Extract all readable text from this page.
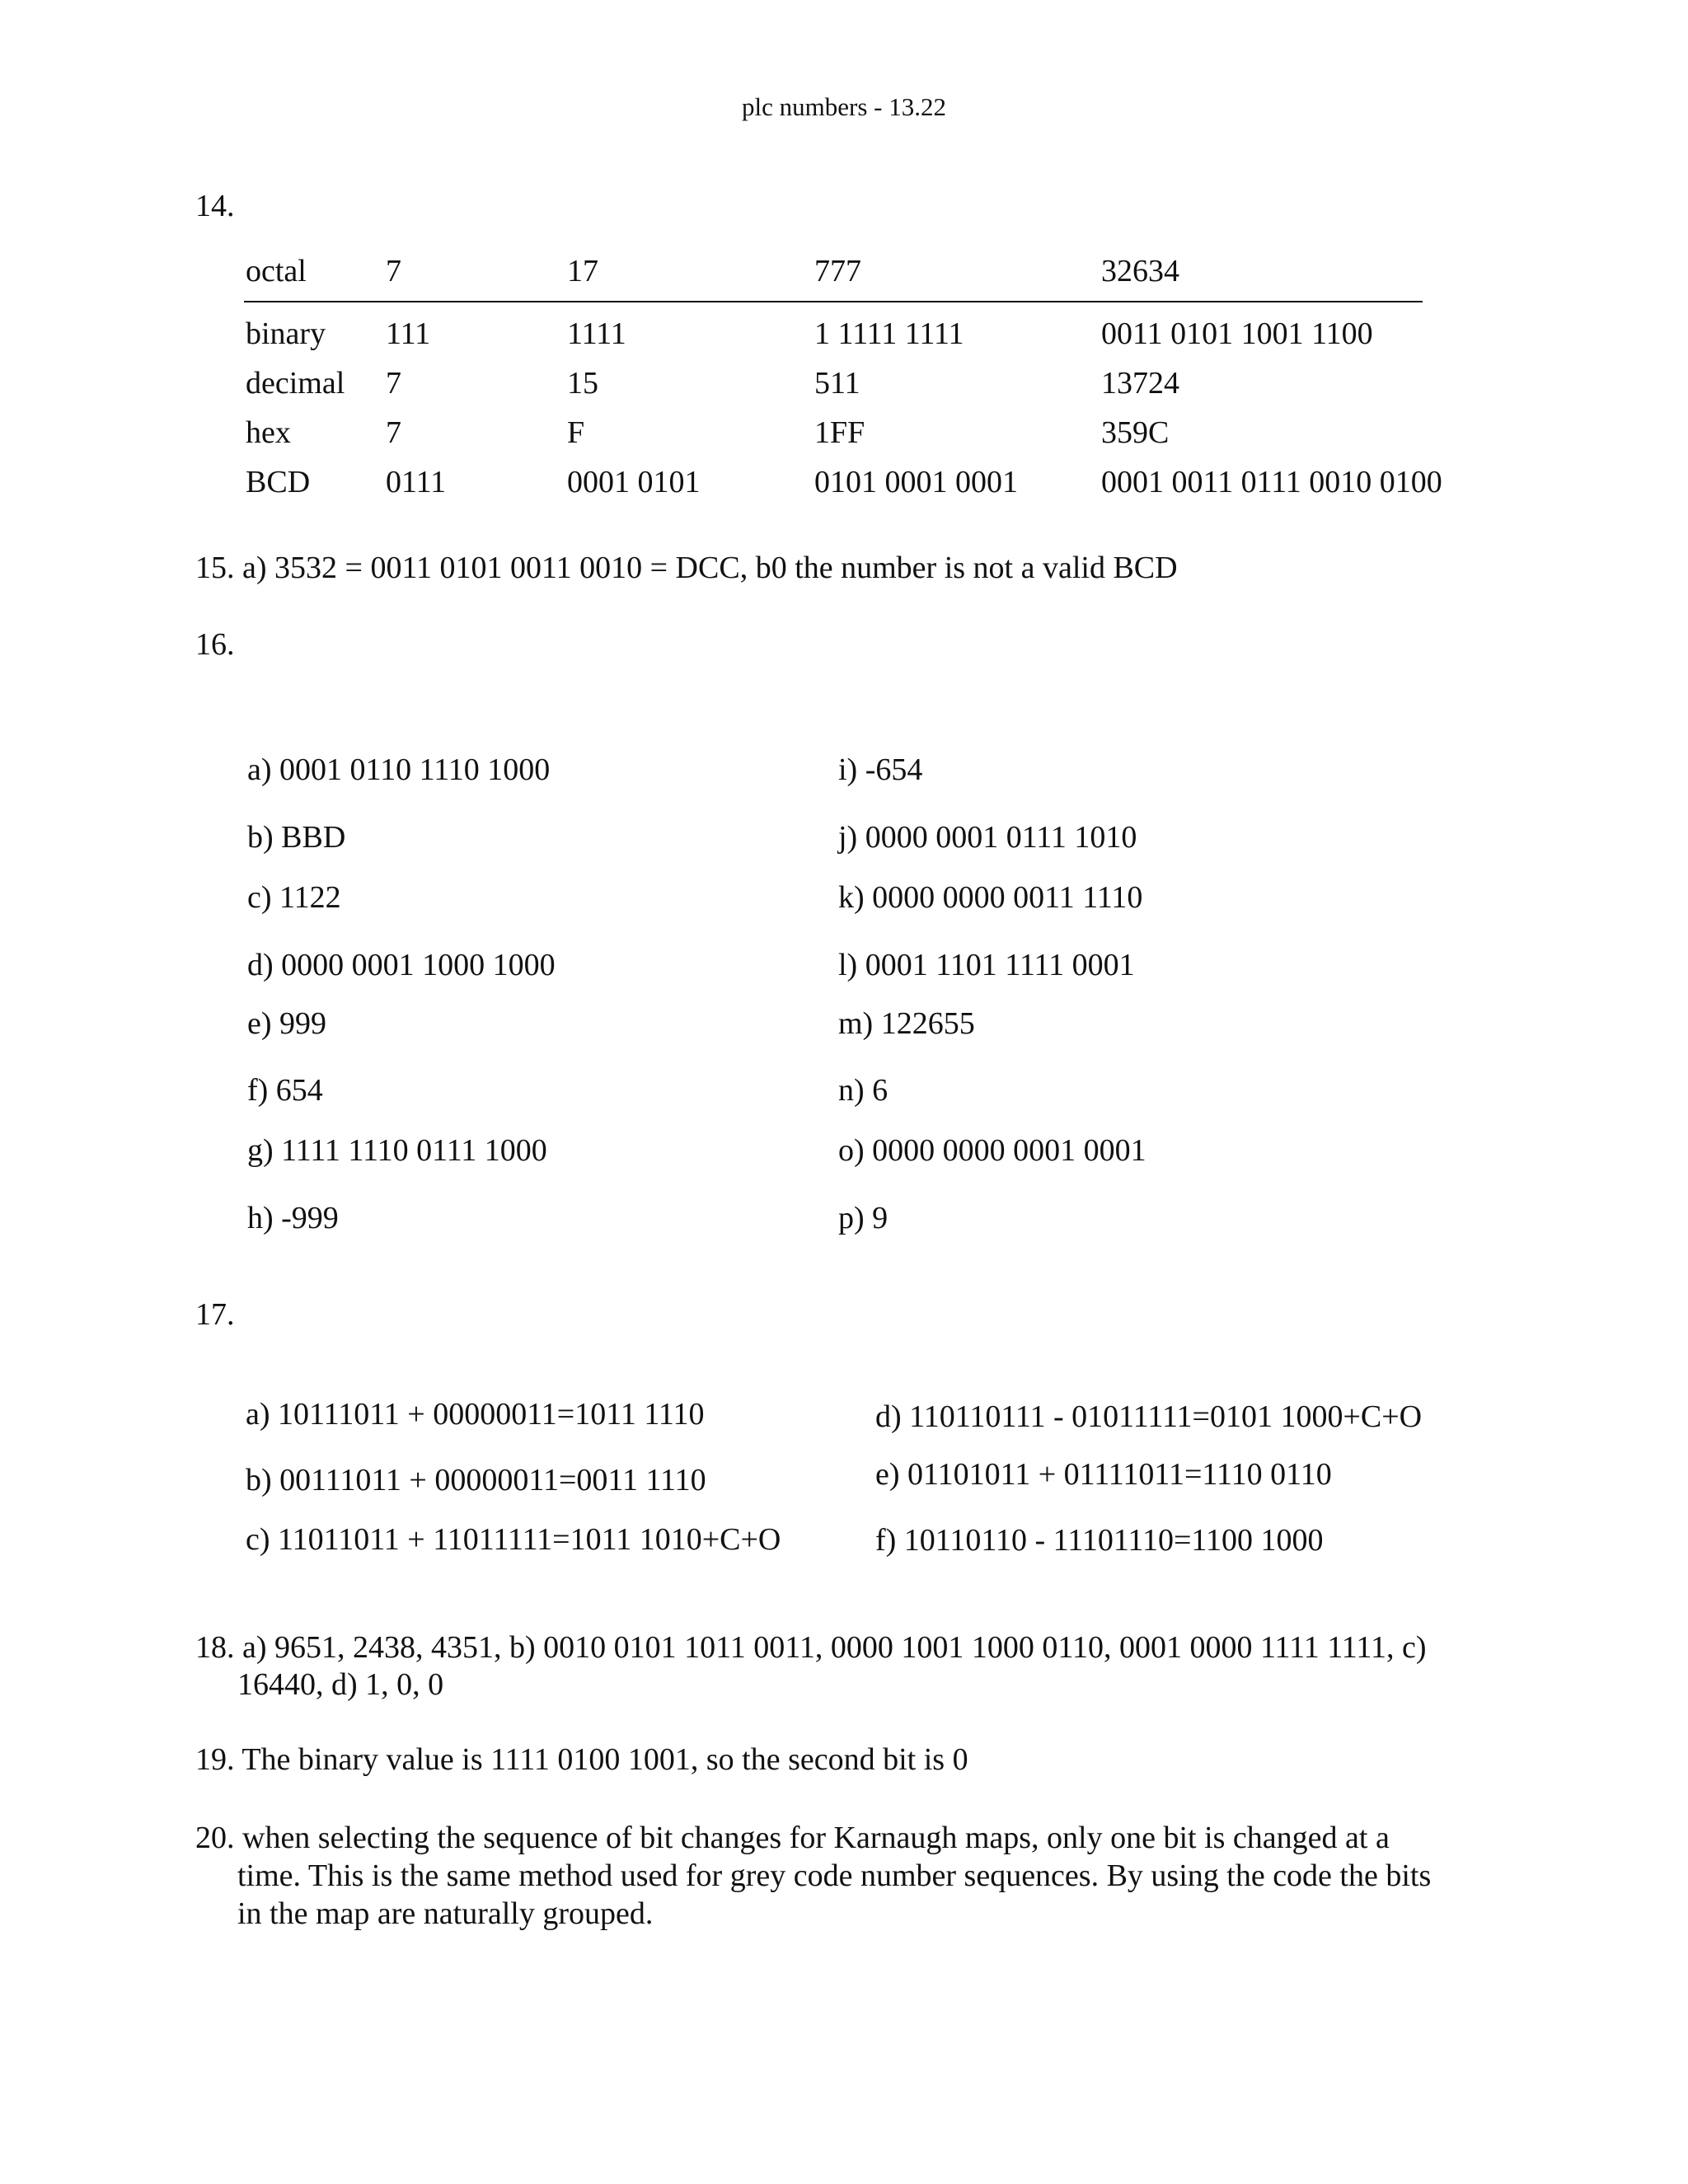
plc numbers - 13.22
14.
octal	7	17	777	32634
binary 111	1111	1 1111 1111	0011 0101 1001 1100
decimal 7	15	511	13724
hex	7	F	1FF	359C
BCD 0111	0001 0101	0101 0001 0001	0001 0011 0111 0010 0100
15. a) 3532 = 0011 0101 0011 0010 = DCC, b0 the number is not a valid BCD
16.
a) 0001 0110 1110 1000
b) BBD
c) 1122
d) 0000 0001 1000 1000
e) 999
f) 654
g) 1111 1110 0111 1000
h) -999
i) -654
j) 0000 0001 0111 1010
k) 0000 0000 0011 1110
l) 0001 1101 1111 0001
m) 122655
n) 6
o) 0000 0000 0001 0001
p) 9
17.
a) 10111011 + 00000011=1011 1110
b) 00111011 + 00000011=0011 1110
c) 11011011 + 11011111=1011 1010+C+O
d) 110110111 - 01011111=0101 1000+C+O
e) 01101011 + 01111011=1110 0110
f) 10110110 - 11101110=1100 1000
18. a) 9651, 2438, 4351, b) 0010 0101 1011 0011, 0000 1001 1000 0110, 0001 0000 1111 1111, c)
16440, d) 1, 0, 0
19. The binary value is 1111 0100 1001, so the second bit is 0
20. when selecting the sequence of bit changes for Karnaugh maps, only one bit is changed at a
time. This is the same method used for grey code number sequences. By using the code the bits
in the map are naturally grouped.
